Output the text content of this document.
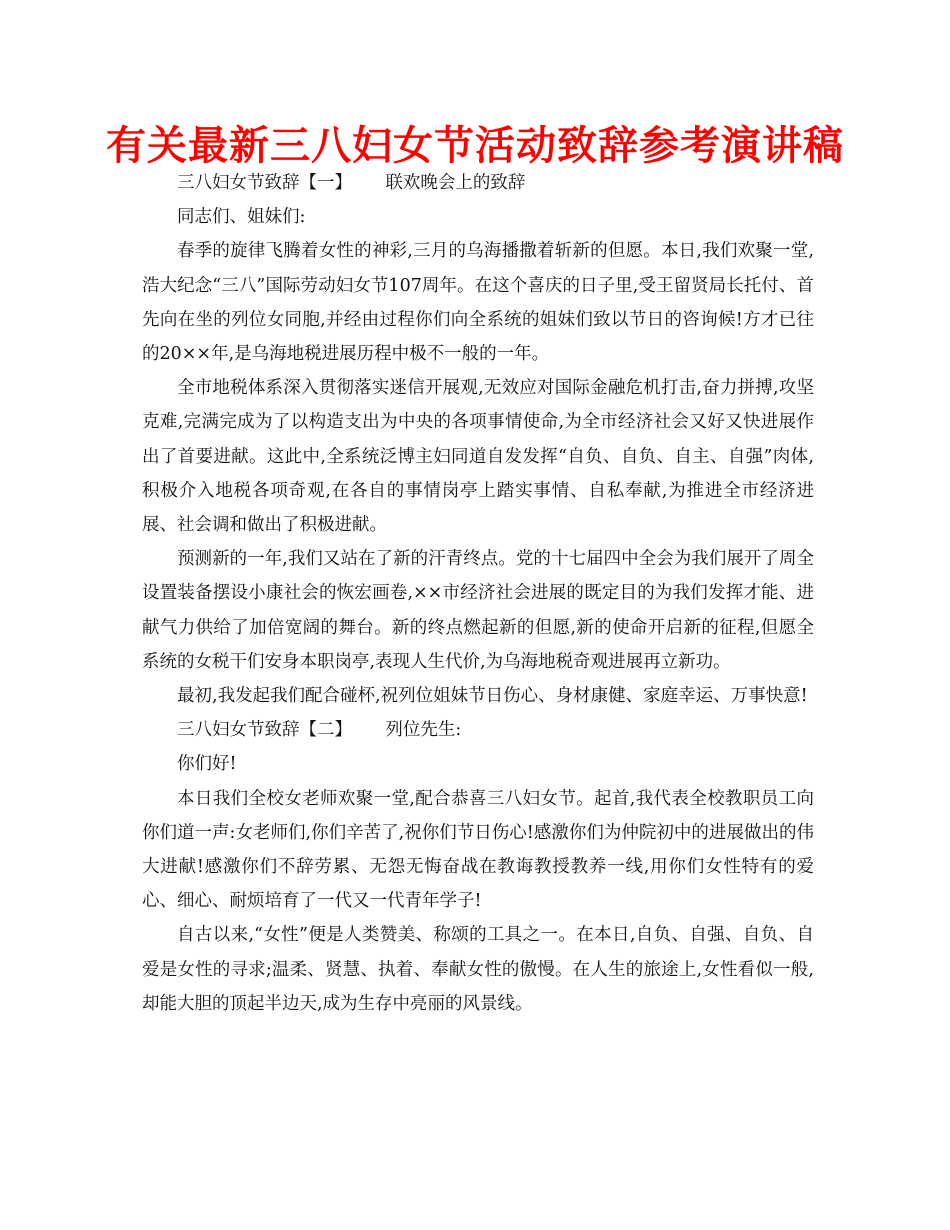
有关最新三八妇女节活动致辞参考演讲稿

三八妇女节致辞【一】      联欢晚会上的致辞

同志们、姐妹们:

春季的旋律飞腾着女性的神彩,三月的乌海播撒着斩新的但愿。本日,我们欢聚一堂,浩大纪念“三八”国际劳动妇女节107周年。在这个喜庆的日子里,受王留贤局长托付、首先向在坐的列位女同胞,并经由过程你们向全系统的姐妹们致以节日的咨询候!方才已往的20××年,是乌海地税进展历程中极不一般的一年。

全市地税体系深入贯彻落实迷信开展观,无效应对国际金融危机打击,奋力拼搏,攻坚克难,完满完成为了以构造支出为中央的各项事情使命,为全市经济社会又好又快进展作出了首要进献。这此中,全系统泛博主妇同道自发发挥“自负、自负、自主、自强”肉体,积极介入地税各项奇观,在各自的事情岗亭上踏实事情、自私奉献,为推进全市经济进展、社会调和做出了积极进献。

预测新的一年,我们又站在了新的汗青终点。党的十七届四中全会为我们展开了周全设置装备摆设小康社会的恢宏画卷,××市经济社会进展的既定目的为我们发挥才能、进献气力供给了加倍宽阔的舞台。新的终点燃起新的但愿,新的使命开启新的征程,但愿全系统的女税干们安身本职岗亭,表现人生代价,为乌海地税奇观进展再立新功。

最初,我发起我们配合碰杯,祝列位姐妹节日伤心、身材康健、家庭幸运、万事快意!

三八妇女节致辞【二】      列位先生:

你们好!

本日我们全校女老师欢聚一堂,配合恭喜三八妇女节。起首,我代表全校教职员工向你们道一声:女老师们,你们辛苦了,祝你们节日伤心!感激你们为仲院初中的进展做出的伟大进献!感激你们不辞劳累、无怨无悔奋战在教诲教授教养一线,用你们女性特有的爱心、细心、耐烦培育了一代又一代青年学子!

自古以来,“女性”便是人类赞美、称颂的工具之一。在本日,自负、自强、自负、自爱是女性的寻求;温柔、贤慧、执着、奉献女性的傲慢。在人生的旅途上,女性看似一般,却能大胆的顶起半边天,成为生存中亮丽的风景线。
